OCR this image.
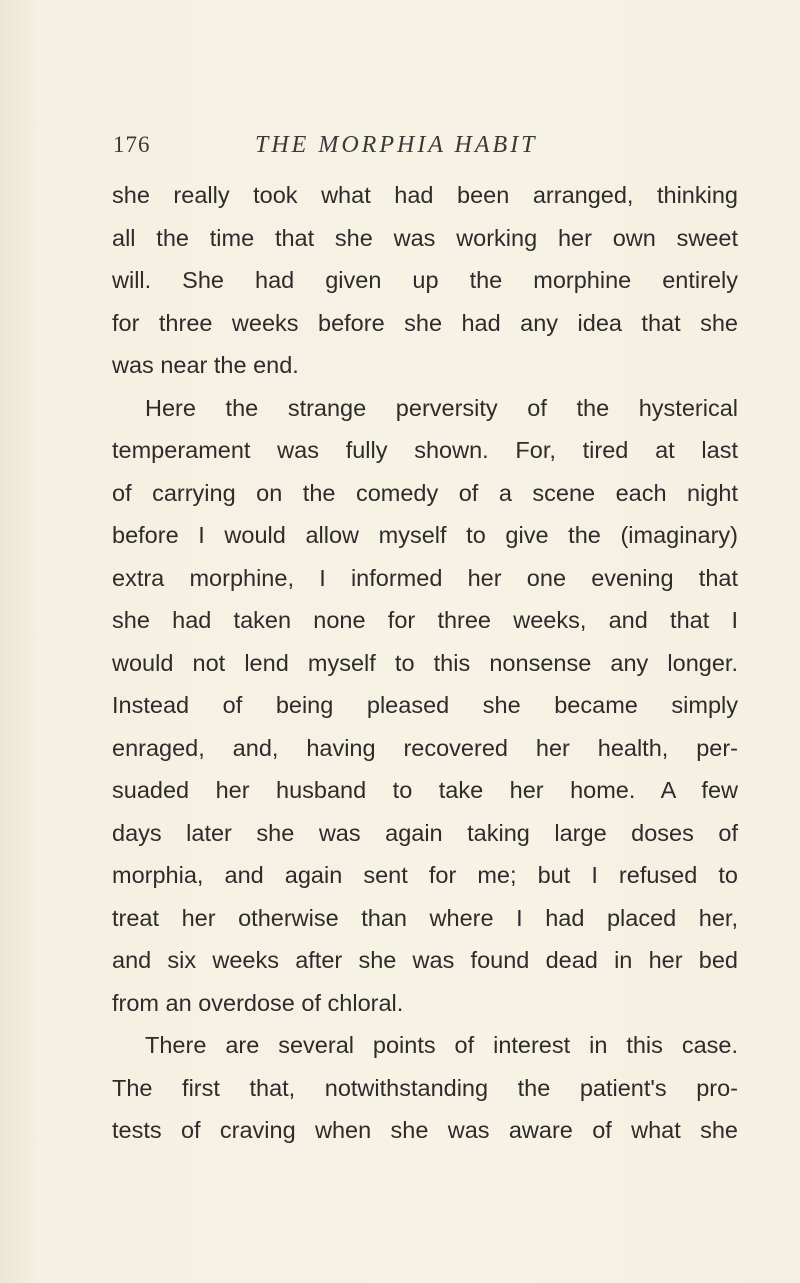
176	THE MORPHIA HABIT
she really took what had been arranged, thinking
all the time that she was working her own sweet
will. She had given up the morphine entirely
for three weeks before she had any idea that she
was near the end.
Here the strange perversity of the hysterical
temperament was fully shown. For, tired at last
of carrying on the comedy of a scene each night
before I would allow myself to give the (imaginary)
extra morphine, I informed her one evening that
she had taken none for three weeks, and that I
would not lend myself to this nonsense any longer.
Instead of being pleased she became simply
enraged, and, having recovered her health, per-
suaded her husband to take her home. A few
days later she was again taking large doses of
morphia, and again sent for me; but I refused to
treat her otherwise than where I had placed her,
and six weeks after she was found dead in her bed
from an overdose of chloral.
There are several points of interest in this case.
The first that, notwithstanding the patient's pro-
tests of craving when she was aware of what she
